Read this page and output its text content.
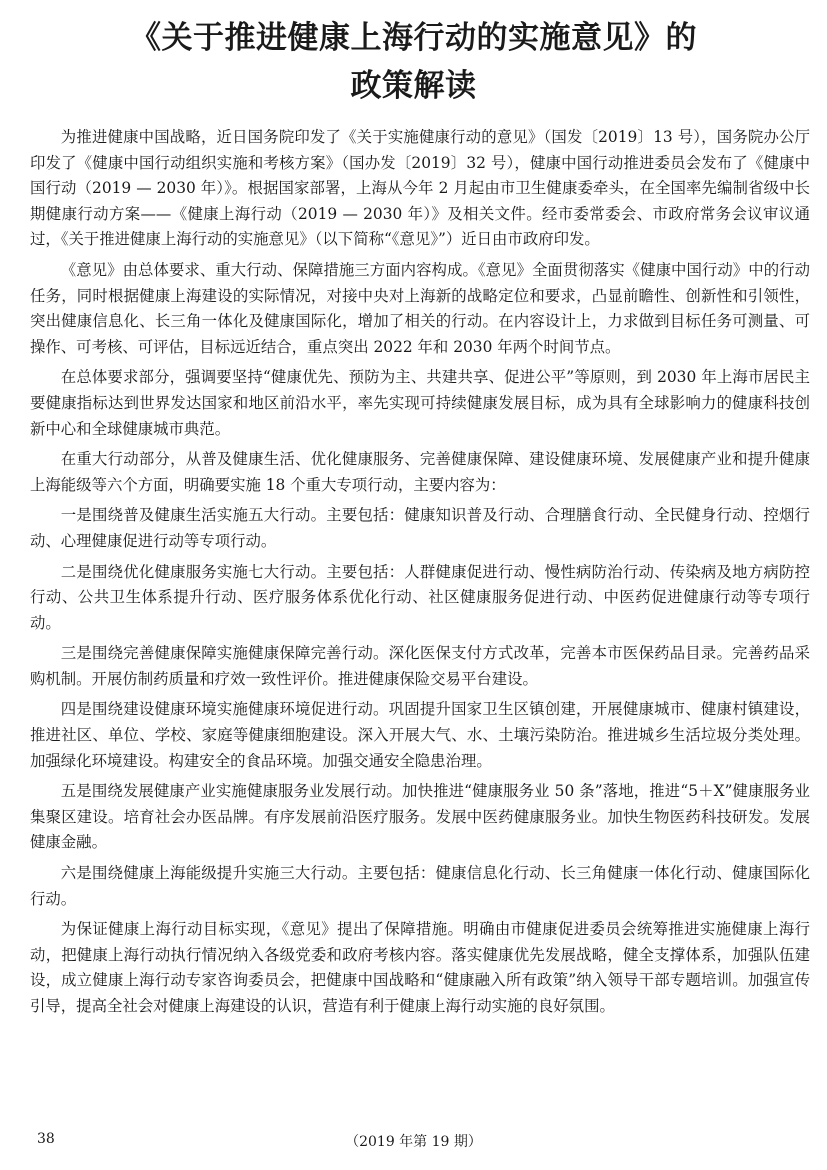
《关于推进健康上海行动的实施意见》的
政策解读

为推进健康中国战略，近日国务院印发了《关于实施健康行动的意见》（国发〔2019〕13 号），国务院办公厅印发了《健康中国行动组织实施和考核方案》（国办发〔2019〕32 号），健康中国行动推进委员会发布了《健康中国行动（2019 — 2030 年）》。根据国家部署，上海从今年 2 月起由市卫生健康委牵头，在全国率先编制省级中长期健康行动方案——《健康上海行动（2019 — 2030 年）》及相关文件。经市委常委会、市政府常务会议审议通过，《关于推进健康上海行动的实施意见》（以下简称“《意见》”）近日由市政府印发。

《意见》由总体要求、重大行动、保障措施三方面内容构成。《意见》全面贯彻落实《健康中国行动》中的行动任务，同时根据健康上海建设的实际情况，对接中央对上海新的战略定位和要求，凸显前瞻性、创新性和引领性，突出健康信息化、长三角一体化及健康国际化，增加了相关的行动。在内容设计上，力求做到目标任务可测量、可操作、可考核、可评估，目标远近结合，重点突出 2022 年和 2030 年两个时间节点。

在总体要求部分，强调要坚持“健康优先、预防为主、共建共享、促进公平”等原则，到 2030 年上海市居民主要健康指标达到世界发达国家和地区前沿水平，率先实现可持续健康发展目标，成为具有全球影响力的健康科技创新中心和全球健康城市典范。

在重大行动部分，从普及健康生活、优化健康服务、完善健康保障、建设健康环境、发展健康产业和提升健康上海能级等六个方面，明确要实施 18 个重大专项行动，主要内容为：

一是围绕普及健康生活实施五大行动。主要包括：健康知识普及行动、合理膳食行动、全民健身行动、控烟行动、心理健康促进行动等专项行动。

二是围绕优化健康服务实施七大行动。主要包括：人群健康促进行动、慢性病防治行动、传染病及地方病防控行动、公共卫生体系提升行动、医疗服务体系优化行动、社区健康服务促进行动、中医药促进健康行动等专项行动。

三是围绕完善健康保障实施健康保障完善行动。深化医保支付方式改革，完善本市医保药品目录。完善药品采购机制。开展仿制药质量和疗效一致性评价。推进健康保险交易平台建设。

四是围绕建设健康环境实施健康环境促进行动。巩固提升国家卫生区镇创建，开展健康城市、健康村镇建设，推进社区、单位、学校、家庭等健康细胞建设。深入开展大气、水、土壤污染防治。推进城乡生活垃圾分类处理。加强绿化环境建设。构建安全的食品环境。加强交通安全隐患治理。

五是围绕发展健康产业实施健康服务业发展行动。加快推进“健康服务业 50 条”落地，推进“5＋X”健康服务业集聚区建设。培育社会办医品牌。有序发展前沿医疗服务。发展中医药健康服务业。加快生物医药科技研发。发展健康金融。

六是围绕健康上海能级提升实施三大行动。主要包括：健康信息化行动、长三角健康一体化行动、健康国际化行动。

为保证健康上海行动目标实现，《意见》提出了保障措施。明确由市健康促进委员会统筹推进实施健康上海行动，把健康上海行动执行情况纳入各级党委和政府考核内容。落实健康优先发展战略，健全支撑体系，加强队伍建设，成立健康上海行动专家咨询委员会，把健康中国战略和“健康融入所有政策”纳入领导干部专题培训。加强宣传引导，提高全社会对健康上海建设的认识，营造有利于健康上海行动实施的良好氛围。

38	（2019 年第 19 期）
